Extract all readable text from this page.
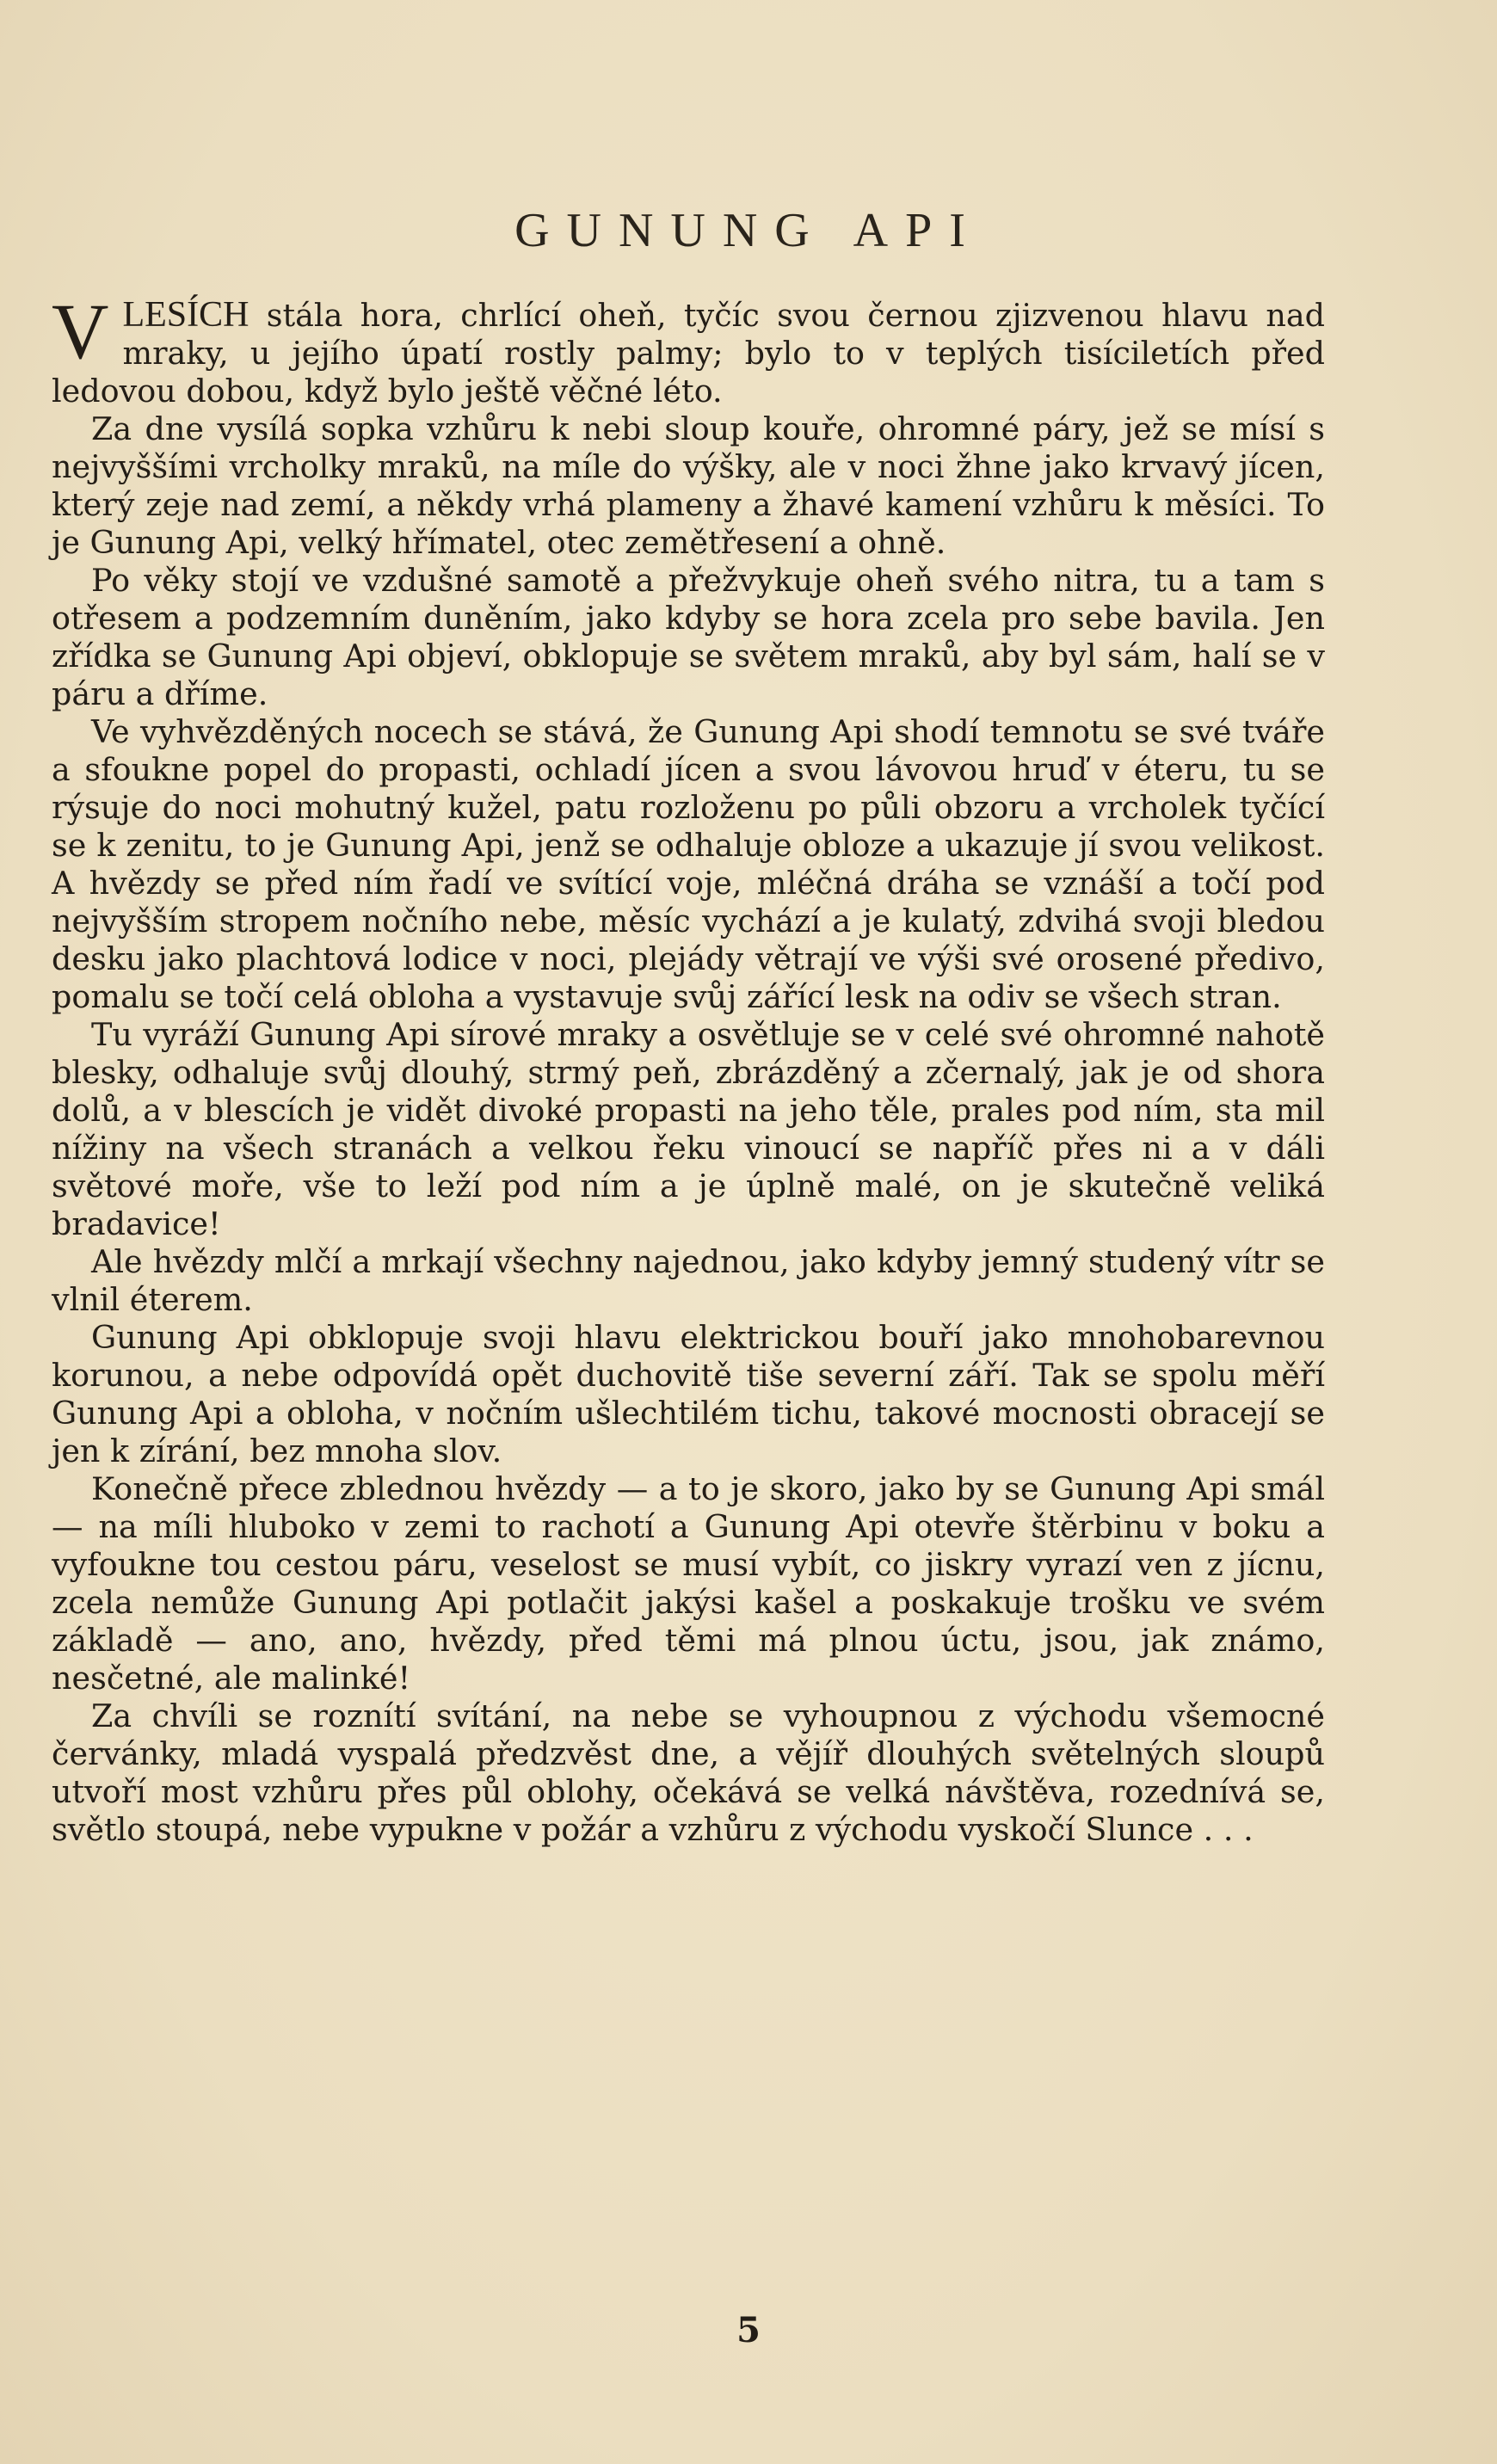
GUNUNG API

VLESÍCH stála hora, chrlící oheň, tyčíc svou černou zjizvenou hlavu nad mraky, u jejího úpatí rostly palmy; bylo to v teplých tisíciletích před ledovou dobou, když bylo ještě věčné léto.

Za dne vysílá sopka vzhůru k nebi sloup kouře, ohromné páry, jež se mísí s nejvyššími vrcholky mraků, na míle do výšky, ale v noci žhne jako krvavý jícen, který zeje nad zemí, a někdy vrhá plameny a žhavé kamení vzhůru k měsíci. To je Gunung Api, velký hřímatel, otec zemětřesení a ohně.

Po věky stojí ve vzdušné samotě a přežvykuje oheň svého nitra, tu a tam s otřesem a podzemním duněním, jako kdyby se hora zcela pro sebe bavila. Jen zřídka se Gunung Api objeví, obklopuje se světem mraků, aby byl sám, halí se v páru a dříme.

Ve vyhvězděných nocech se stává, že Gunung Api shodí temnotu se své tváře a sfoukne popel do propasti, ochladí jícen a svou lávovou hruď v éteru, tu se rýsuje do noci mohutný kužel, patu rozloženu po půli obzoru a vrcholek tyčící se k zenitu, to je Gunung Api, jenž se odhaluje obloze a ukazuje jí svou velikost. A hvězdy se před ním řadí ve svítící voje, mléčná dráha se vznáší a točí pod nejvyšším stropem nočního nebe, měsíc vychází a je kulatý, zdvihá svoji bledou desku jako plachtová lodice v noci, plejády větrají ve výši své orosené předivo, pomalu se točí celá obloha a vystavuje svůj zářící lesk na odiv se všech stran.

Tu vyráží Gunung Api sírové mraky a osvětluje se v celé své ohromné nahotě blesky, odhaluje svůj dlouhý, strmý peň, zbrázděný a zčernalý, jak je od shora dolů, a v blescích je vidět divoké propasti na jeho těle, prales pod ním, sta mil nížiny na všech stranách a velkou řeku vinoucí se napříč přes ni a v dáli světové moře, vše to leží pod ním a je úplně malé, on je skutečně veliká bradavice!

Ale hvězdy mlčí a mrkají všechny najednou, jako kdyby jemný studený vítr se vlnil éterem.

Gunung Api obklopuje svoji hlavu elektrickou bouří jako mnohobarevnou korunou, a nebe odpovídá opět duchovitě tiše severní září. Tak se spolu měří Gunung Api a obloha, v nočním ušlechtilém tichu, takové mocnosti obracejí se jen k zírání, bez mnoha slov.

Konečně přece zblednou hvězdy — a to je skoro, jako by se Gunung Api smál — na míli hluboko v zemi to rachotí a Gunung Api otevře štěrbinu v boku a vyfoukne tou cestou páru, veselost se musí vybít, co jiskry vyrazí ven z jícnu, zcela nemůže Gunung Api potlačit jakýsi kašel a poskakuje trošku ve svém základě — ano, ano, hvězdy, před těmi má plnou úctu, jsou, jak známo, nesčetné, ale malinké!

Za chvíli se roznítí svítání, na nebe se vyhoupnou z východu všemocné červánky, mladá vyspalá předzvěst dne, a vějíř dlouhých světelných sloupů utvoří most vzhůru přes půl oblohy, očekává se velká návštěva, rozednívá se, světlo stoupá, nebe vypukne v požár a vzhůru z východu vyskočí Slunce . . .

5
